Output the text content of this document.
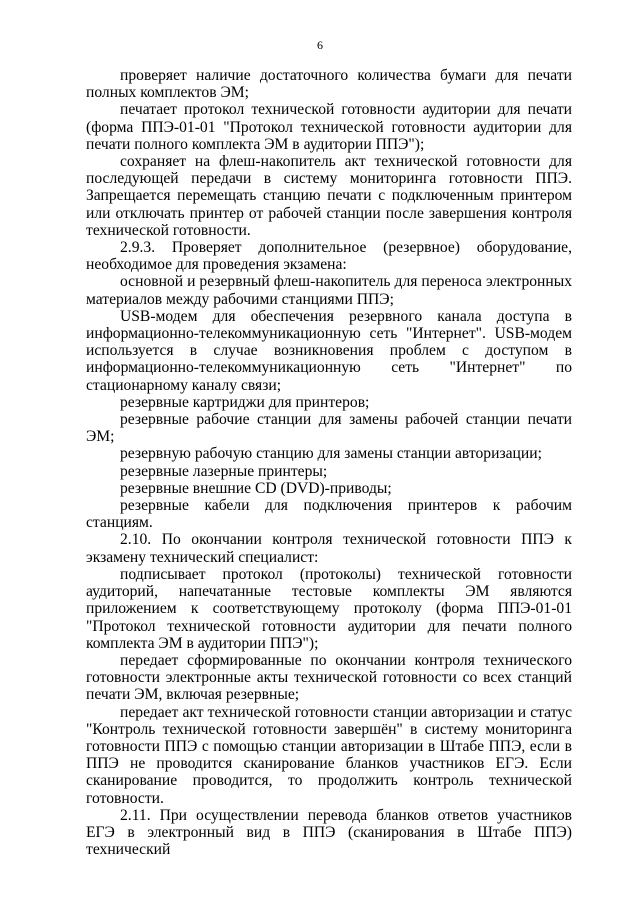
6

проверяет наличие достаточного количества бумаги для печати полных комплектов ЭМ;

печатает протокол технической готовности аудитории для печати (форма ППЭ-01-01 "Протокол технической готовности аудитории для печати полного комплекта ЭМ в аудитории ППЭ");

сохраняет на флеш-накопитель акт технической готовности для последующей передачи в систему мониторинга готовности ППЭ. Запрещается перемещать станцию печати с подключенным принтером или отключать принтер от рабочей станции после завершения контроля технической готовности.

2.9.3. Проверяет дополнительное (резервное) оборудование, необходимое для проведения экзамена:

основной и резервный флеш-накопитель для переноса электронных материалов между рабочими станциями ППЭ;

USB-модем для обеспечения резервного канала доступа в информационно-телекоммуникационную сеть "Интернет". USB-модем используется в случае возникновения проблем с доступом в информационно-телекоммуникационную сеть "Интернет" по стационарному каналу связи;

резервные картриджи для принтеров;

резервные рабочие станции для замены рабочей станции печати ЭМ;

резервную рабочую станцию для замены станции авторизации;

резервные лазерные принтеры;

резервные внешние CD (DVD)-приводы;

резервные кабели для подключения принтеров к рабочим станциям.

2.10. По окончании контроля технической готовности ППЭ к экзамену технический специалист:

подписывает протокол (протоколы) технической готовности аудиторий, напечатанные тестовые комплекты ЭМ являются приложением к соответствующему протоколу (форма ППЭ-01-01 "Протокол технической готовности аудитории для печати полного комплекта ЭМ в аудитории ППЭ");

передает сформированные по окончании контроля технического готовности электронные акты технической готовности со всех станций печати ЭМ, включая резервные;

передает акт технической готовности станции авторизации и статус "Контроль технической готовности завершён" в систему мониторинга готовности ППЭ с помощью станции авторизации в Штабе ППЭ, если в ППЭ не проводится сканирование бланков участников ЕГЭ. Если сканирование проводится, то продолжить контроль технической готовности.

2.11. При осуществлении перевода бланков ответов участников ЕГЭ в электронный вид в ППЭ (сканирования в Штабе ППЭ) технический
